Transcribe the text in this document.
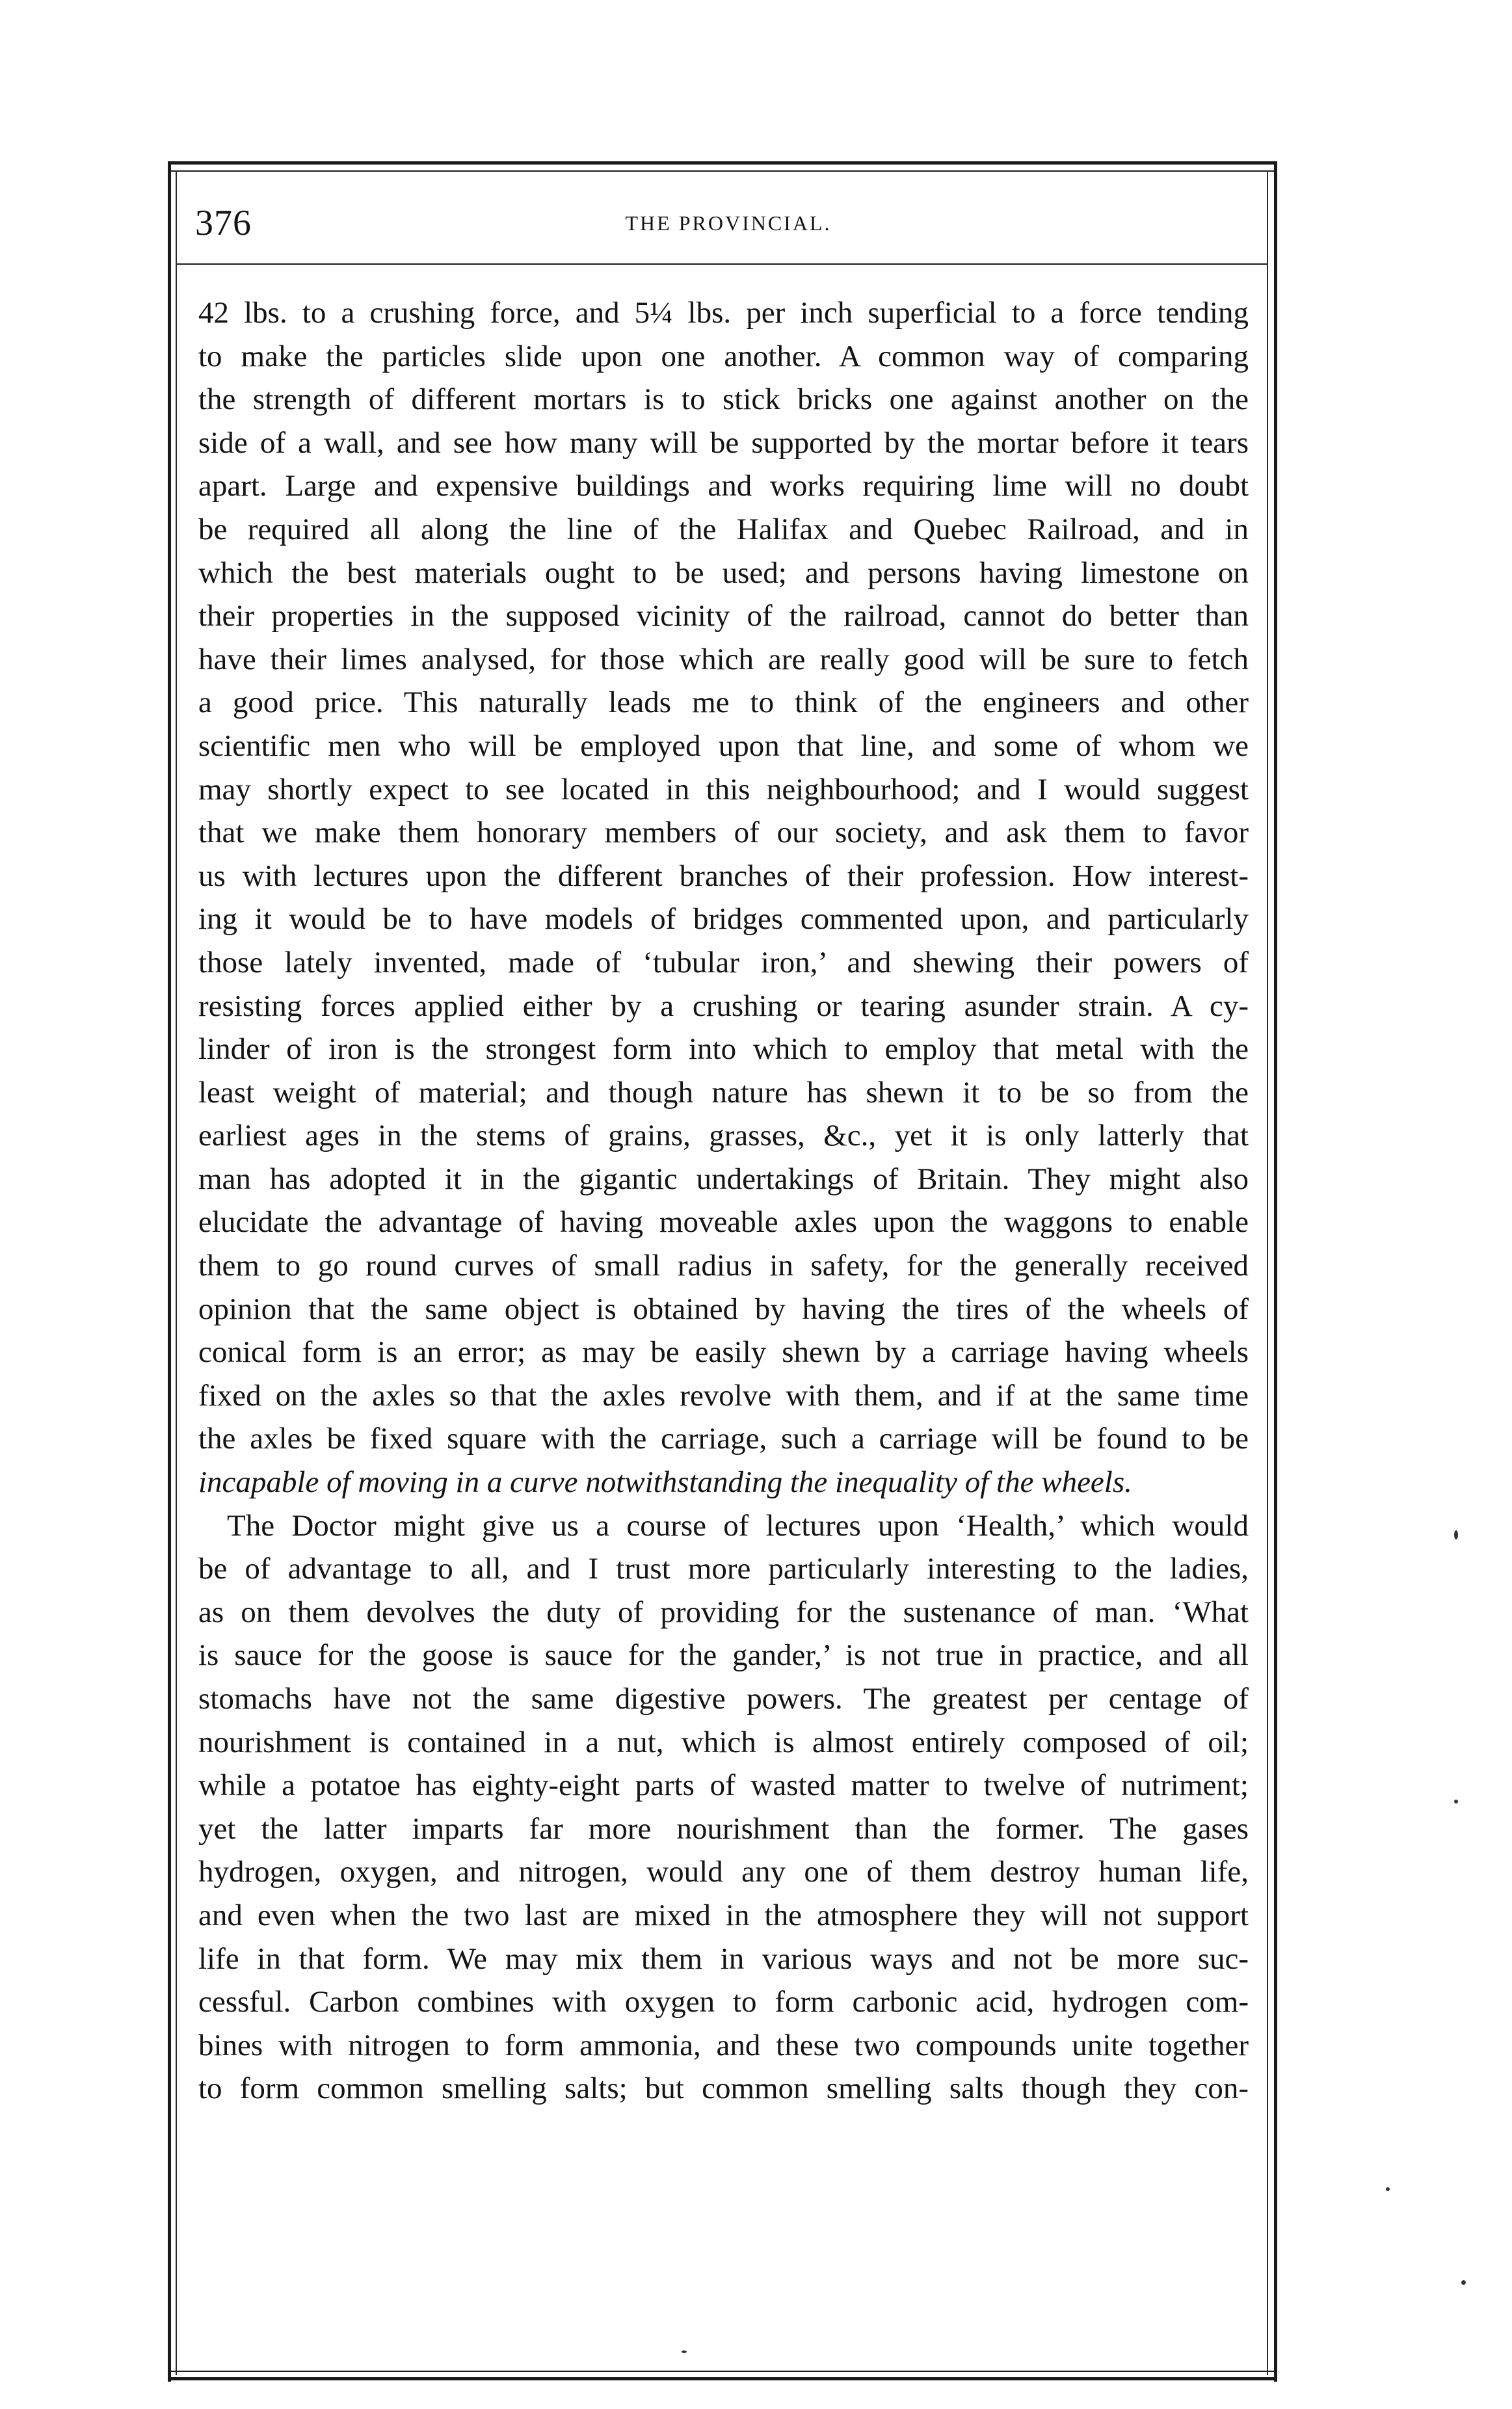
THE PROVINCIAL.
376
42 lbs. to a crushing force, and 5¼ lbs. per inch superficial to a force tending
to make the particles slide upon one another. A common way of comparing
the strength of different mortars is to stick bricks one against another on the
side of a wall, and see how many will be supported by the mortar before it tears
apart. Large and expensive buildings and works requiring lime will no doubt
be required all along the line of the Halifax and Quebec Railroad, and in
which the best materials ought to be used; and persons having limestone on
their properties in the supposed vicinity of the railroad, cannot do better than
have their limes analysed, for those which are really good will be sure to fetch
a good price. This naturally leads me to think of the engineers and other
scientific men who will be employed upon that line, and some of whom we
may shortly expect to see located in this neighbourhood; and I would suggest
that we make them honorary members of our society, and ask them to favor
us with lectures upon the different branches of their profession. How interest-
ing it would be to have models of bridges commented upon, and particularly
those lately invented, made of ‘tubular iron,’ and shewing their powers of
resisting forces applied either by a crushing or tearing asunder strain. A cy-
linder of iron is the strongest form into which to employ that metal with the
least weight of material; and though nature has shewn it to be so from the
earliest ages in the stems of grains, grasses, &c., yet it is only latterly that
man has adopted it in the gigantic undertakings of Britain. They might also
elucidate the advantage of having moveable axles upon the waggons to enable
them to go round curves of small radius in safety, for the generally received
opinion that the same object is obtained by having the tires of the wheels of
conical form is an error; as may be easily shewn by a carriage having wheels
fixed on the axles so that the axles revolve with them, and if at the same time
the axles be fixed square with the carriage, such a carriage will be found to be
incapable of moving in a curve notwithstanding the inequality of the wheels.
The Doctor might give us a course of lectures upon ‘Health,’ which would
be of advantage to all, and I trust more particularly interesting to the ladies,
as on them devolves the duty of providing for the sustenance of man. ‘What
is sauce for the goose is sauce for the gander,’ is not true in practice, and all
stomachs have not the same digestive powers. The greatest per centage of
nourishment is contained in a nut, which is almost entirely composed of oil;
while a potatoe has eighty-eight parts of wasted matter to twelve of nutriment;
yet the latter imparts far more nourishment than the former. The gases
hydrogen, oxygen, and nitrogen, would any one of them destroy human life,
and even when the two last are mixed in the atmosphere they will not support
life in that form. We may mix them in various ways and not be more suc-
cessful. Carbon combines with oxygen to form carbonic acid, hydrogen com-
bines with nitrogen to form ammonia, and these two compounds unite together
to form common smelling salts; but common smelling salts though they con-
